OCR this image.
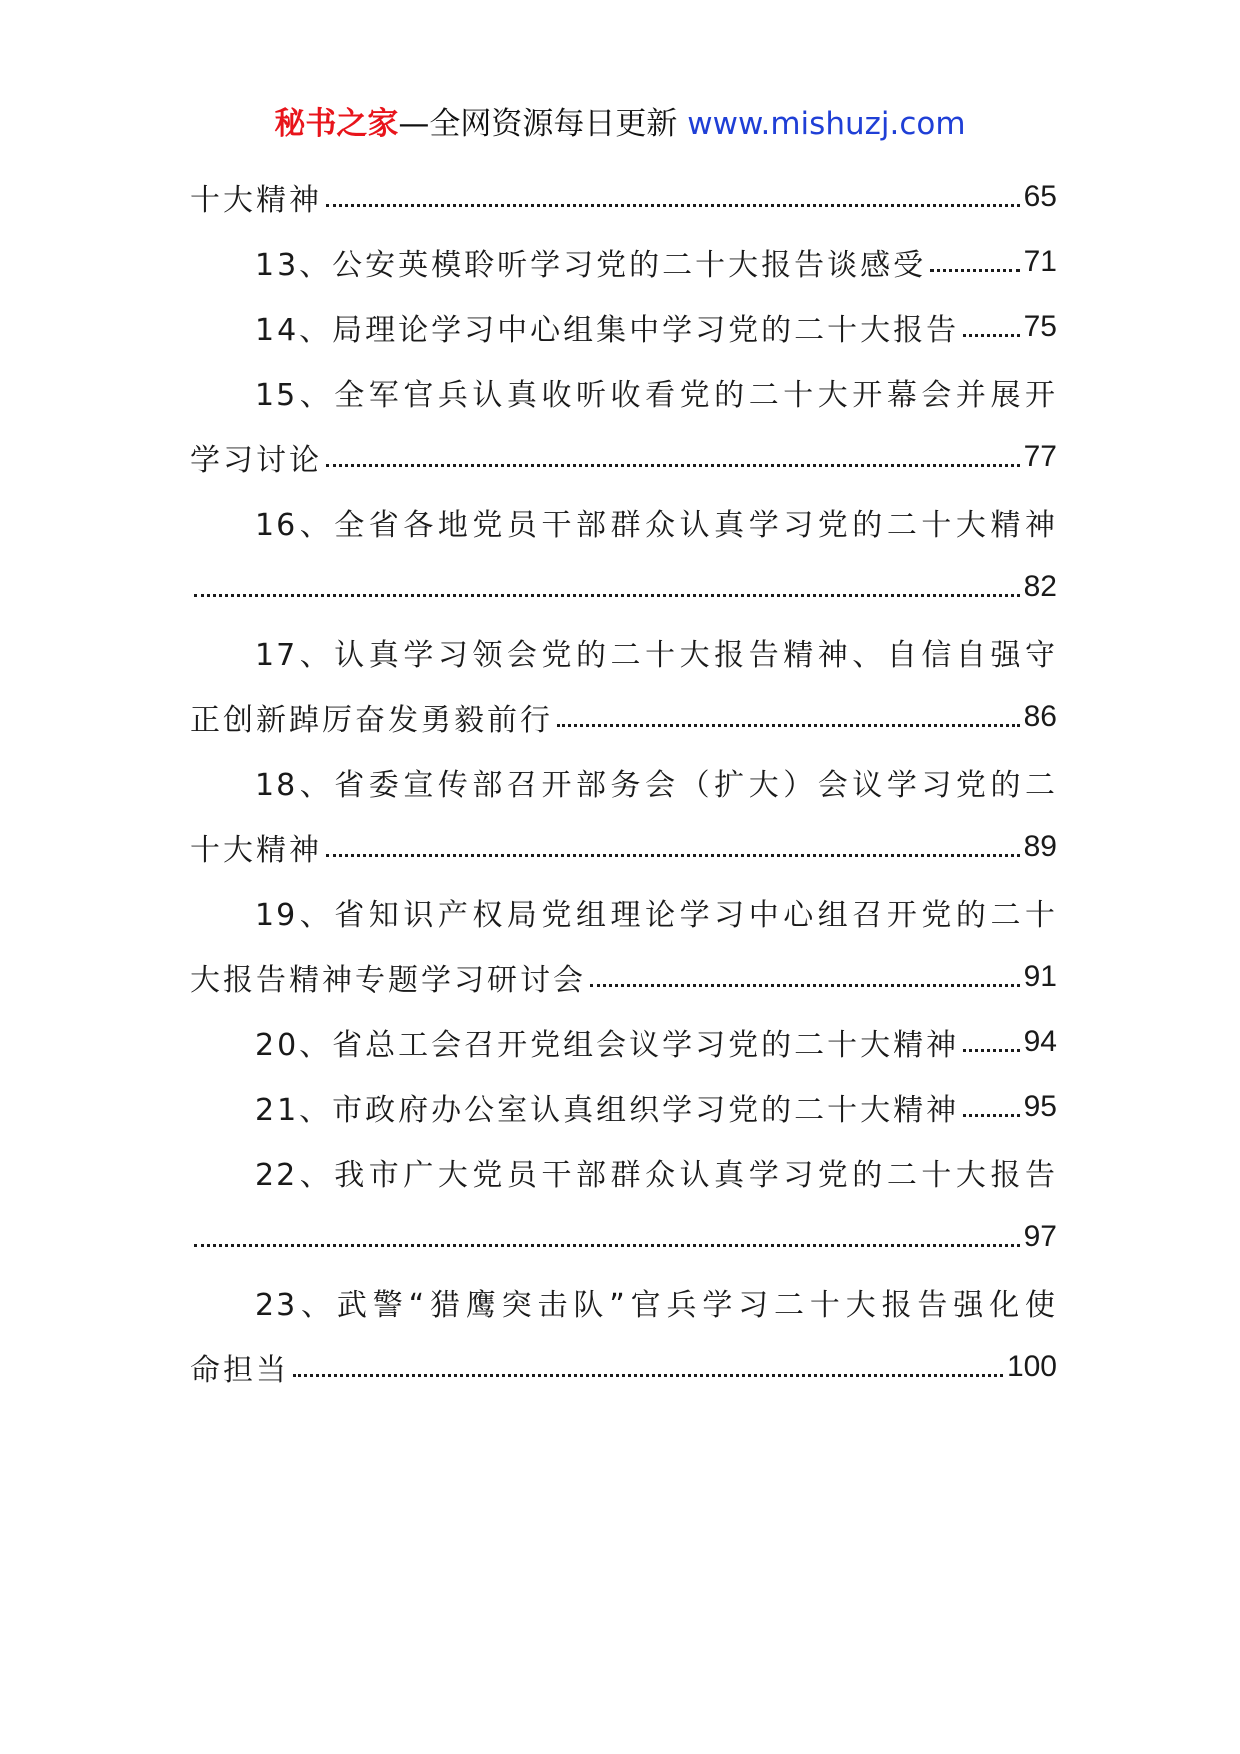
秘书之家—全网资源每日更新 www.mishuzj.com
十大精神	65
13、公安英模聆听学习党的二十大报告谈感受	71
14、局理论学习中心组集中学习党的二十大报告 75
15、全军官兵认真收听收看党的二十大开幕会并展开
学习讨论	77
16、全省各地党员干部群众认真学习党的二十大精神
82
17、认真学习领会党的二十大报告精神、自信自强守
正创新踔厉奋发勇毅前行	86
18、省委宣传部召开部务会（扩大）会议学习党的二
十大精神	89
19、省知识产权局党组理论学习中心组召开党的二十
大报告精神专题学习研讨会	91
20、省总工会召开党组会议学习党的二十大精神 94
21、市政府办公室认真组织学习党的二十大精神 95
22、我市广大党员干部群众认真学习党的二十大报告
97
23、武警“猎鹰突击队”官兵学习二十大报告强化使
命担当	100
